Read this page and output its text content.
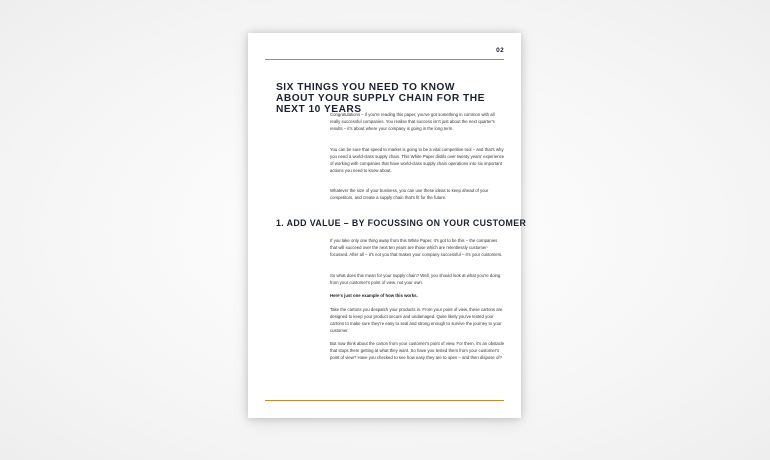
02
SIX THINGS YOU NEED TO KNOW ABOUT YOUR SUPPLY CHAIN FOR THE NEXT 10 YEARS
Congratulations – if you're reading this paper, you've got something in common with all really successful companies. You realise that success isn't just about the next quarter's results – it's about where your company is going in the long term.
You can be sure that speed to market is going to be a vital competitive tool – and that's why you need a world-class supply chain. This White Paper distils over twenty years' experience of working with companies that have world-class supply chain operations into six important actions you need to know about.
Whatever the size of your business, you can use these ideas to keep ahead of your competitors, and create a supply chain that's fit for the future.
1. ADD VALUE – BY FOCUSSING ON YOUR CUSTOMER
If you take only one thing away from this White Paper, it's got to be this – the companies that will succeed over the next ten years are those which are relentlessly customer-focussed. After all – it's not you that makes your company successful – it's your customers.
So what does this mean for your supply chain? Well, you should look at what you're doing from your customer's point of view, not your own.
Here's just one example of how this works.
Take the cartons you despatch your products in. From your point of view, these cartons are designed to keep your product secure and undamaged. Quite likely you've tested your cartons to make sure they're easy to seal and strong enough to survive the journey to your customer.
But now think about the carton from your customer's point of view. For them, it's an obstacle that stops them getting at what they want. So have you tested them from your customer's point of view? Have you checked to see how easy they are to open – and then dispose of?
